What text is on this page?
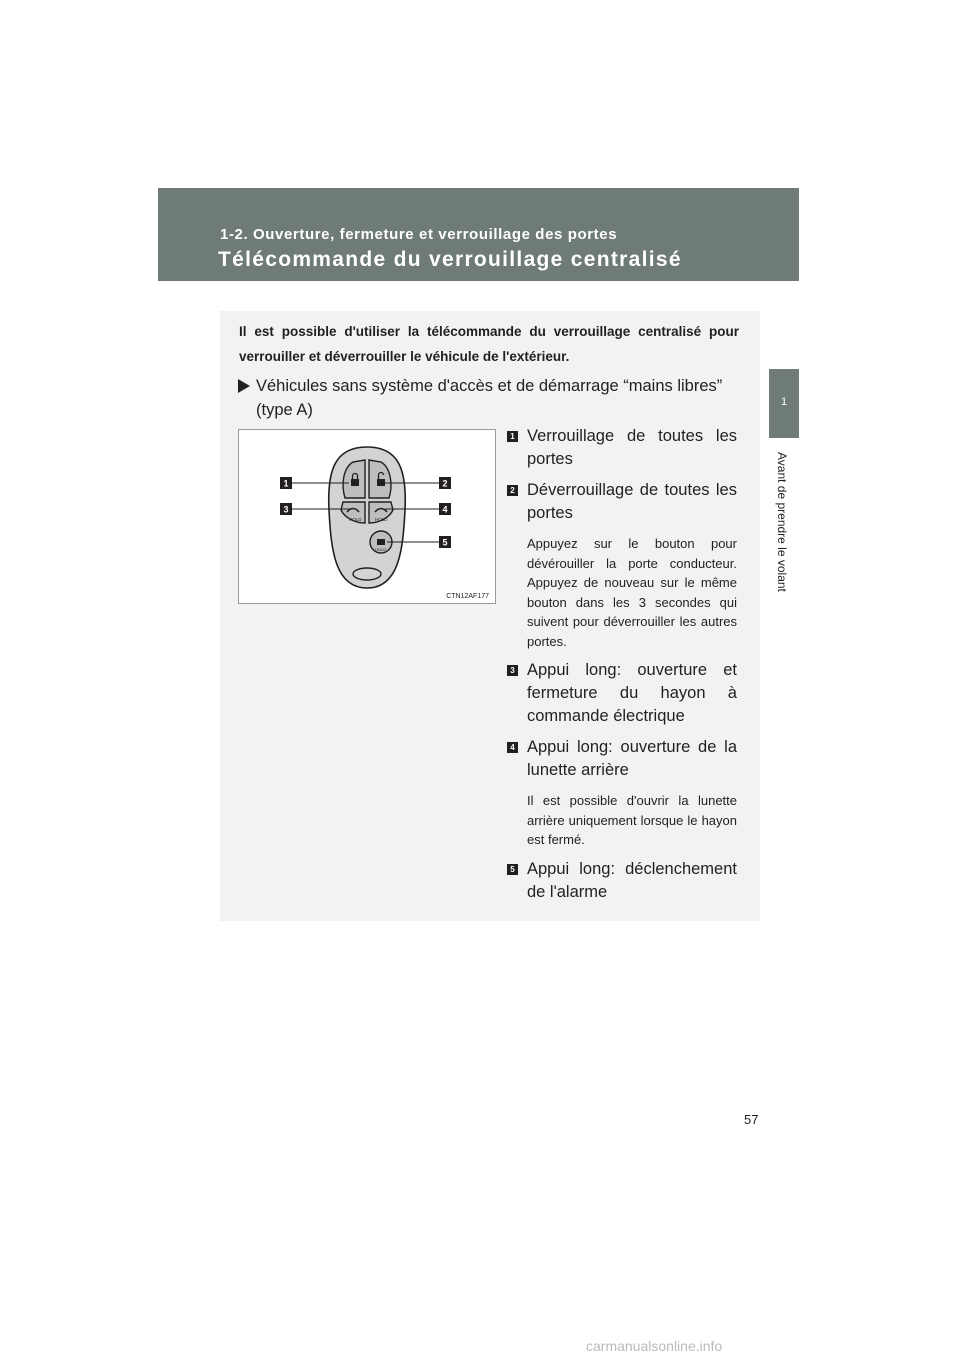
1-2. Ouverture, fermeture et verrouillage des portes
Télécommande du verrouillage centralisé
1
Avant de prendre le volant
Il est possible d'utiliser la télécommande du verrouillage centralisé pour verrouiller et déverrouiller le véhicule de l'extérieur.
Véhicules sans système d'accès et de démarrage “mains libres” (type A)
HOLD	HOLD
HOLD
1	2
3	4
5
CTN12AF177
1 Verrouillage de toutes les portes
2 Déverrouillage de toutes les portes
Appuyez sur le bouton pour dévérouiller la porte conducteur. Appuyez de nouveau sur le même bouton dans les 3 secondes qui suivent pour déverrouiller les autres portes.
3 Appui long: ouverture et fermeture du hayon à commande électrique
4 Appui long: ouverture de la lunette arrière
Il est possible d'ouvrir la lunette arrière uniquement lorsque le hayon est fermé.
5 Appui long: déclenchement de l'alarme
57
carmanualsonline.info
